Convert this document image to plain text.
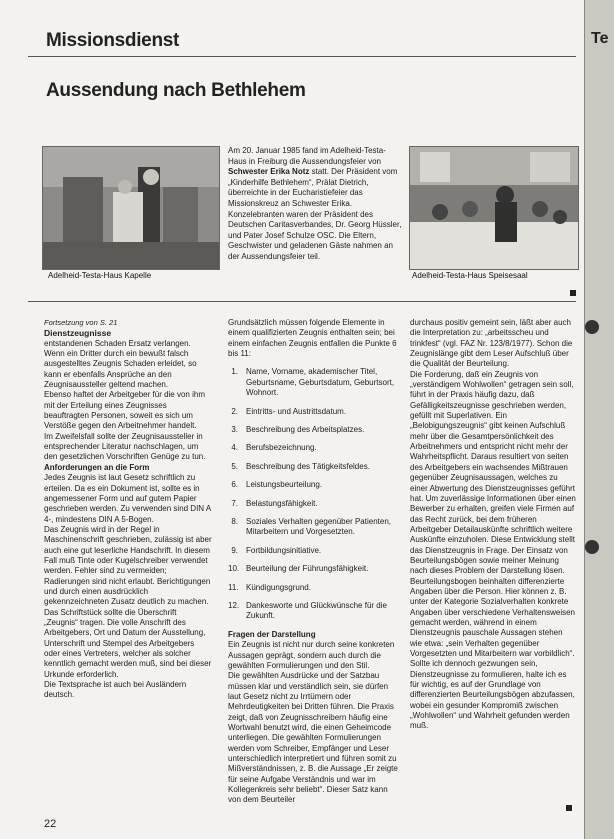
Missionsdienst
Aussendung nach Bethlehem
Adelheid-Testa-Haus Kapelle
Am 20. Januar 1985 fand im Adelheid-Testa-Haus in Freiburg die Aussendungsfeier von Schwester Erika Notz statt. Der Präsident vom „Kinderhilfe Bethlehem“, Prälat Dietrich, überreichte in der Eucharistiefeier das Missionskreuz an Schwester Erika. Konzelebranten waren der Präsident des Deutschen Caritasverbandes, Dr. Georg Hüssler, und Pater Josef Schulze OSC. Die Eltern, Geschwister und geladenen Gäste nahmen an der Aussendungsfeier teil.
Adelheid-Testa-Haus Speisesaal

Fortsetzung von S. 21

Dienstzeugnisse

entstandenen Schaden Ersatz verlangen. Wenn ein Dritter durch ein bewußt falsch ausgestelltes Zeugnis Schaden erleidet, so kann er ebenfalls Ansprüche an den Zeugnisaussteller geltend machen.

Ebenso haftet der Arbeitgeber für die von ihm mit der Erteilung eines Zeugnisses beauftragten Personen, soweit es sich um Verstöße gegen den Arbeitnehmer handelt.

Im Zweifelsfall sollte der Zeugnisaussteller in entsprechender Literatur nachschlagen, um den gesetzlichen Vorschriften Genüge zu tun.

Anforderungen an die Form

Jedes Zeugnis ist laut Gesetz schriftlich zu erteilen. Da es ein Dokument ist, sollte es in angemessener Form und auf gutem Papier geschrieben werden. Zu verwenden sind DIN A 4-, mindestens DIN A 5-Bogen.

Das Zeugnis wird in der Regel in Maschinenschrift geschrieben, zulässig ist aber auch eine gut leserliche Handschrift. In diesem Fall muß Tinte oder Kugelschreiber verwendet werden. Fehler sind zu vermeiden; Radierungen sind nicht erlaubt. Berichtigungen und durch einen ausdrücklich gekennzeichneten Zusatz deutlich zu machen.

Das Schriftstück sollte die Überschrift „Zeugnis“ tragen. Die volle Anschrift des Arbeitgebers, Ort und Datum der Ausstellung, Unterschrift und Stempel des Arbeitgebers oder eines Vertreters, welcher als solcher kenntlich gemacht werden muß, sind bei dieser Urkunde erforderlich.

Die Textsprache ist auch bei Ausländern deutsch.

Grundsätzlich müssen folgende Elemente in einem qualifizierten Zeugnis enthalten sein; bei einem einfachen Zeugnis entfallen die Punkte 6 bis 11:

1. Name, Vorname, akademischer Titel, Geburtsname, Geburtsdatum, Geburtsort, Wohnort.
2. Eintritts- und Austrittsdatum.
3. Beschreibung des Arbeitsplatzes.
4. Berufsbezeichnung.
5. Beschreibung des Tätigkeitsfeldes.
6. Leistungsbeurteilung.
7. Belastungsfähigkeit.
8. Soziales Verhalten gegenüber Patienten, Mitarbeitern und Vorgesetzten.
9. Fortbildungsinitiative.
10. Beurteilung der Führungsfähigkeit.
11. Kündigungsgrund.
12. Dankesworte und Glückwünsche für die Zukunft.

Fragen der Darstellung

Ein Zeugnis ist nicht nur durch seine konkreten Aussagen geprägt, sondern auch durch die gewählten Formulierungen und den Stil.

Die gewählten Ausdrücke und der Satzbau müssen klar und verständlich sein, sie dürfen laut Gesetz nicht zu Irrtümern oder Mehrdeutigkeiten bei Dritten führen. Die Praxis zeigt, daß von Zeugnisschreibern häufig eine Wortwahl benutzt wird, die einen Geheimcode unterliegen. Die gewählten Formulierungen werden vom Schreiber, Empfänger und Leser unterschiedlich interpretiert und führen somit zu Mißverständnissen, z. B. die Aussage „Er zeigte für seine Aufgabe Verständnis und war im Kollegenkreis sehr beliebt“. Dieser Satz kann von dem Beurteiler

durchaus positiv gemeint sein, läßt aber auch die Interpretation zu: „arbeitsscheu und trinkfest“ (vgl. FAZ Nr. 123/8/1977). Schon die Zeugnislänge gibt dem Leser Aufschluß über die Qualität der Beurteilung.

Die Forderung, daß ein Zeugnis von „verständigem Wohlwollen“ getragen sein soll, führt in der Praxis häufig dazu, daß Gefälligkeitszeugnisse geschrieben werden, gefüllt mit Superlativen. Ein „Belobigungszeugnis“ gibt keinen Aufschluß mehr über die Gesamtpersönlichkeit des Arbeitnehmers und entspricht nicht mehr der Wahrheitspflicht. Daraus resultiert von seiten des Arbeitgebers ein wachsendes Mißtrauen gegenüber Zeugnisaussagen, welches zu einer Abwertung des Dienstzeugnisses geführt hat. Um zuverlässige Informationen über einen Bewerber zu erhalten, greifen viele Firmen auf das Recht zurück, bei dem früheren Arbeitgeber Detailauskünfte schriftlich weitere Auskünfte einzuholen. Diese Entwicklung stellt das Dienstzeugnis in Frage. Der Einsatz von Beurteilungsbögen sowie meiner Meinung nach dieses Problem der Darstellung lösen. Beurteilungsbogen beinhalten differenzierte Angaben über die Person. Hier können z. B. unter der Kategorie Sozialverhalten konkrete Angaben über verschiedene Verhaltensweisen gemacht werden, während in einem Dienstzeugnis pauschale Aussagen stehen wie etwa: „sein Verhalten gegenüber Vorgesetzten und Mitarbeitern war vorbildlich“. Sollte ich dennoch gezwungen sein, Dienstzeugnisse zu formulieren, halte ich es für wichtig, es auf der Grundlage von differenzierten Beurteilungsbögen abzufassen, wobei ein gesunder Kompromiß zwischen „Wohlwollen“ und Wahrheit gefunden werden muß.

22
Te
